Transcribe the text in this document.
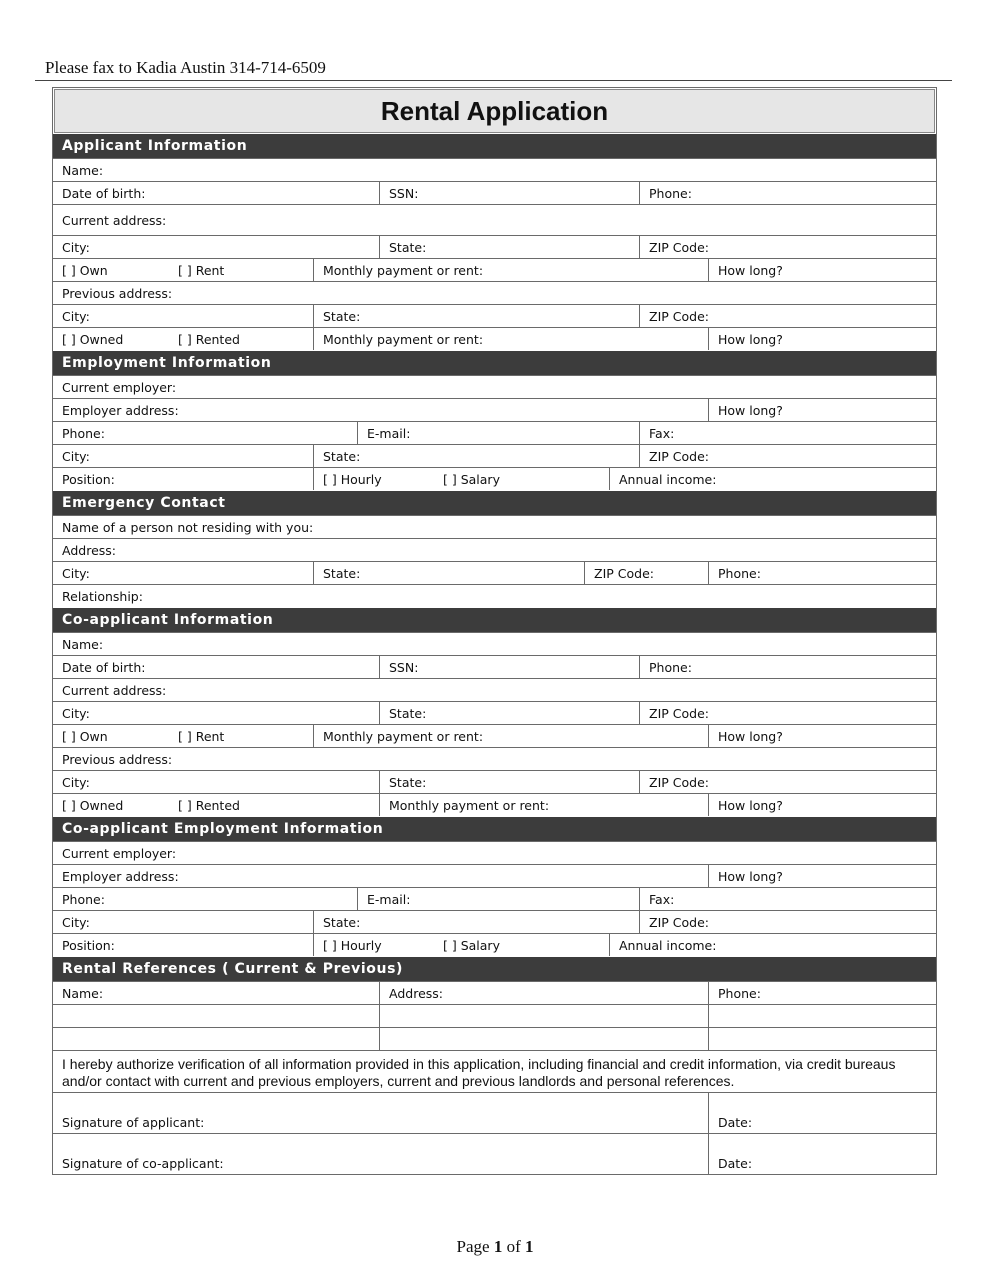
Please fax to Kadia Austin 314-714-6509
Rental Application
Applicant Information
Name:
Date of birth:	SSN:	Phone:
Current address:
City:	State:	ZIP Code:
[ ] Own	[ ] Rent	Monthly payment or rent:	How long?
Previous address:
City:	State:	ZIP Code:
[ ] Owned	[ ] Rented	Monthly payment or rent:	How long?
Employment Information
Current employer:
Employer address:	How long?
Phone:	E-mail:	Fax:
City:	State:	ZIP Code:
Position:	[ ] Hourly	[ ] Salary	Annual income:
Emergency Contact
Name of a person not residing with you:
Address:
City:	State:	ZIP Code:	Phone:
Relationship:
Co-applicant Information
Name:
Date of birth:	SSN:	Phone:
Current address:
City:	State:	ZIP Code:
[ ] Own	[ ] Rent	Monthly payment or rent:	How long?
Previous address:
City:	State:	ZIP Code:
[ ] Owned	[ ] Rented	Monthly payment or rent:	How long?
Co-applicant Employment Information
Current employer:
Employer address:	How long?
Phone:	E-mail:	Fax:
City:	State:	ZIP Code:
Position:	[ ] Hourly	[ ] Salary	Annual income:
Rental References ( Current & Previous)
Name:	Address:	Phone:
I hereby authorize verification of all information provided in this application, including financial and credit information, via credit bureaus and/or contact with current and previous employers, current and previous landlords and personal references.
Signature of applicant:	Date:
Signature of co-applicant:	Date:
Page 1 of 1
